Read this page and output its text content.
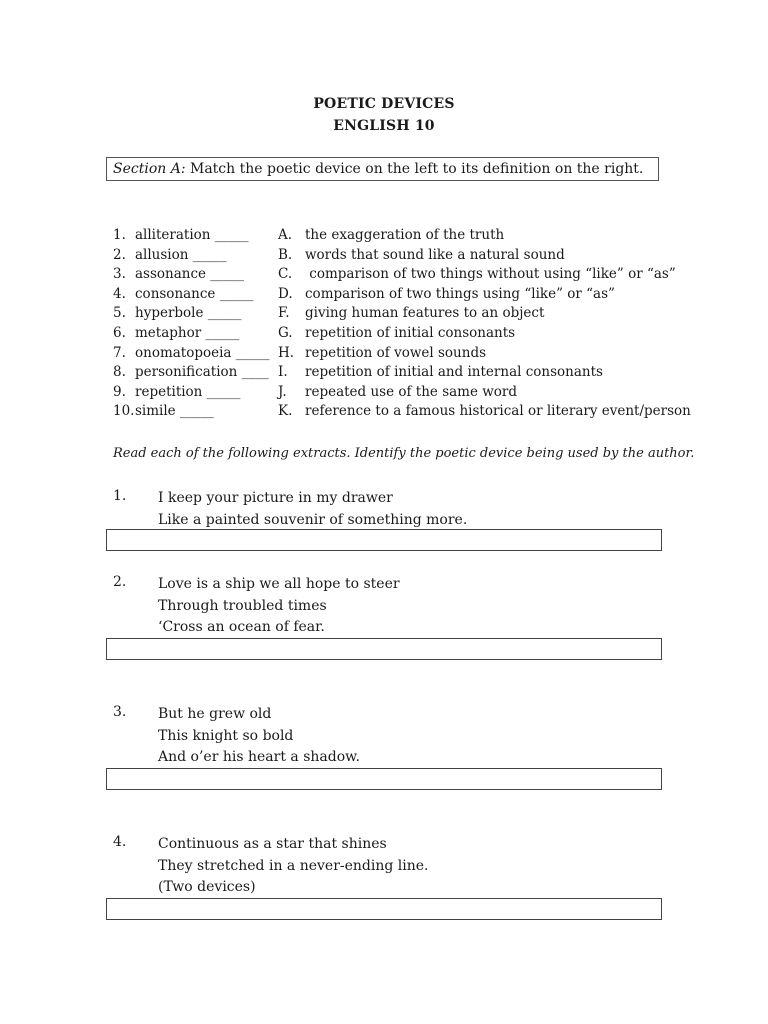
POETIC DEVICES
ENGLISH 10
Section A: Match the poetic device on the left to its definition on the right.
1. alliteration _____
2. allusion _____
3. assonance _____
4. consonance _____
5. hyperbole _____
6. metaphor _____
7. onomatopoeia _____
8. personification ____
9. repetition _____
10.simile _____
A. the exaggeration of the truth
B. words that sound like a natural sound
C. comparison of two things without using “like” or “as”
D. comparison of two things using “like” or “as”
F. giving human features to an object
G. repetition of initial consonants
H. repetition of vowel sounds
I. repetition of initial and internal consonants
J. repeated use of the same word
K. reference to a famous historical or literary event/person
Read each of the following extracts. Identify the poetic device being used by the author.
1. I keep your picture in my drawer
Like a painted souvenir of something more.
2. Love is a ship we all hope to steer
Through troubled times
‘Cross an ocean of fear.
3. But he grew old
This knight so bold
And o’er his heart a shadow.
4. Continuous as a star that shines
They stretched in a never-ending line.
(Two devices)
